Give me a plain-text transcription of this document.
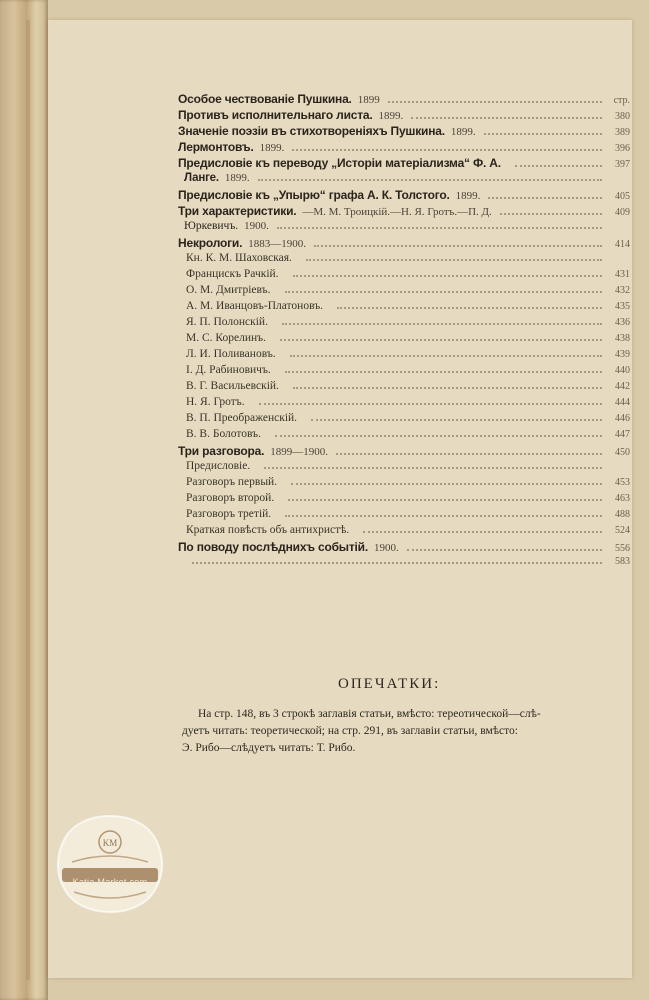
Особое чествованіе Пушкина. 1899	стр.
Противъ исполнительнаго листа. 1899.	380
Значеніе поэзіи въ стихотвореніяхъ Пушкина. 1899.	389
Лермонтовъ. 1899.	396
Предисловіе къ переводу „Исторіи матеріализма“ Ф. А.	397
Ланге. 1899.
Предисловіе къ „Упырю“ графа А. К. Толстого. 1899.	405
Три характеристики. —М. М. Троицкій.—Н. Я. Гротъ.—П. Д.	409
Юркевичъ. 1900.
Некрологи. 1883—1900.	414
Кн. К. М. Шаховская.
Францискъ Рачкій.	431
О. М. Дмитріевъ.	432
А. М. Иванцовъ-Платоновъ.	435
Я. П. Полонскій.	436
М. С. Корелинъ.	438
Л. И. Поливановъ.	439
І. Д. Рабиновичъ.	440
В. Г. Васильевскій.	442
Н. Я. Гротъ.	444
В. П. Преображенскій.	446
В. В. Болотовъ.	447
Три разговора. 1899—1900.	450
Предисловіе.
Разговоръ первый.	453
Разговоръ второй.	463
Разговоръ третій.	488
Краткая повѣсть объ антихристѣ.	524
По поводу послѣднихъ событій. 1900.	556
583
ОПЕЧАТКИ:
На стр. 148, въ 3 строкѣ заглавія статьи, вмѣсто: тереотической—слѣ-
дуетъ читать: теоретической; на стр. 291, въ заглавіи статьи, вмѣсто:
Э. Рибо—слѣдуетъ читать: Т. Рибо.
KM
Katia Market.com
